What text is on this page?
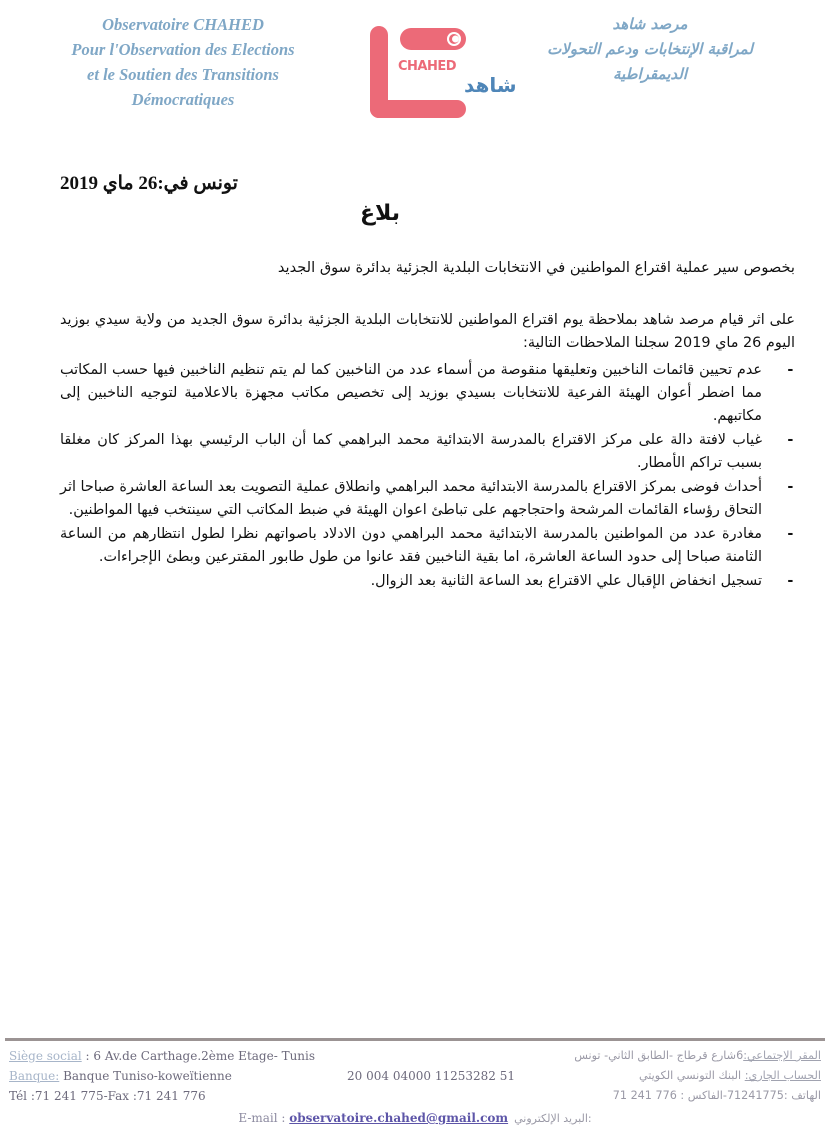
Observatoire CHAHED
Pour l'Observation des Elections
et le Soutien des Transitions
Démocratiques
CHAHED
شاهد
مرصد شاهد
لمراقبة الإنتخابات ودعم التحولات
الديمقراطية
تونس في:26 ماي 2019
بلاغ
بخصوص سير عملية اقتراع المواطنين في الانتخابات البلدية الجزئية بدائرة سوق الجديد

على اثر قيام مرصد شاهد بملاحظة يوم اقتراع المواطنين للانتخابات البلدية الجزئية بدائرة سوق الجديد من ولاية سيدي بوزيد اليوم 26 ماي 2019 سجلنا الملاحظات التالية:

-
عدم تحيين قائمات الناخبين وتعليقها منقوصة من أسماء عدد من الناخبين كما لم يتم تنظيم الناخبين فيها حسب المكاتب مما اضطر أعوان الهيئة الفرعية للانتخابات بسيدي بوزيد إلى تخصيص مكاتب مجهزة بالاعلامية لتوجيه الناخبين إلى مكاتبهم.
-
غياب لافتة دالة على مركز الاقتراع بالمدرسة الابتدائية محمد البراهمي كما أن الباب الرئيسي بهذا المركز كان مغلقا بسبب تراكم الأمطار.
-
أحداث فوضى بمركز الاقتراع بالمدرسة الابتدائية محمد البراهمي وانطلاق عملية التصويت بعد الساعة العاشرة صباحا اثر التحاق رؤساء القائمات المرشحة واحتجاجهم على تباطئ اعوان الهيئة في ضبط المكاتب التي سينتخب فيها المواطنين.
-
مغادرة عدد من المواطنين بالمدرسة الابتدائية محمد البراهمي دون الادلاد باصواتهم نظرا لطول انتظارهم من الساعة الثامنة صباحا إلى حدود الساعة العاشرة، اما بقية الناخبين فقد عانوا من طول طابور المقترعين وبطئ الإجراءات.
-
تسجيل انخفاض الإقبال علي الاقتراع بعد الساعة الثانية بعد الزوال.
Siège social : 6 Av.de Carthage.2ème Etage- Tunis
Banque: Banque Tuniso-koweïtienne
Tél :71 241 775-Fax :71 241 776
20 004 04000 11253282 51
المقر الإجتماعي:6شارع قرطاج -الطابق الثاني- تونس
الحساب الجاري: البنك التونسي الكويتي
الهاتف :71241775-الفاكس : 776 241 71
E-mail : observatoire.chahed@gmail.com البريد الإلكتروني:
